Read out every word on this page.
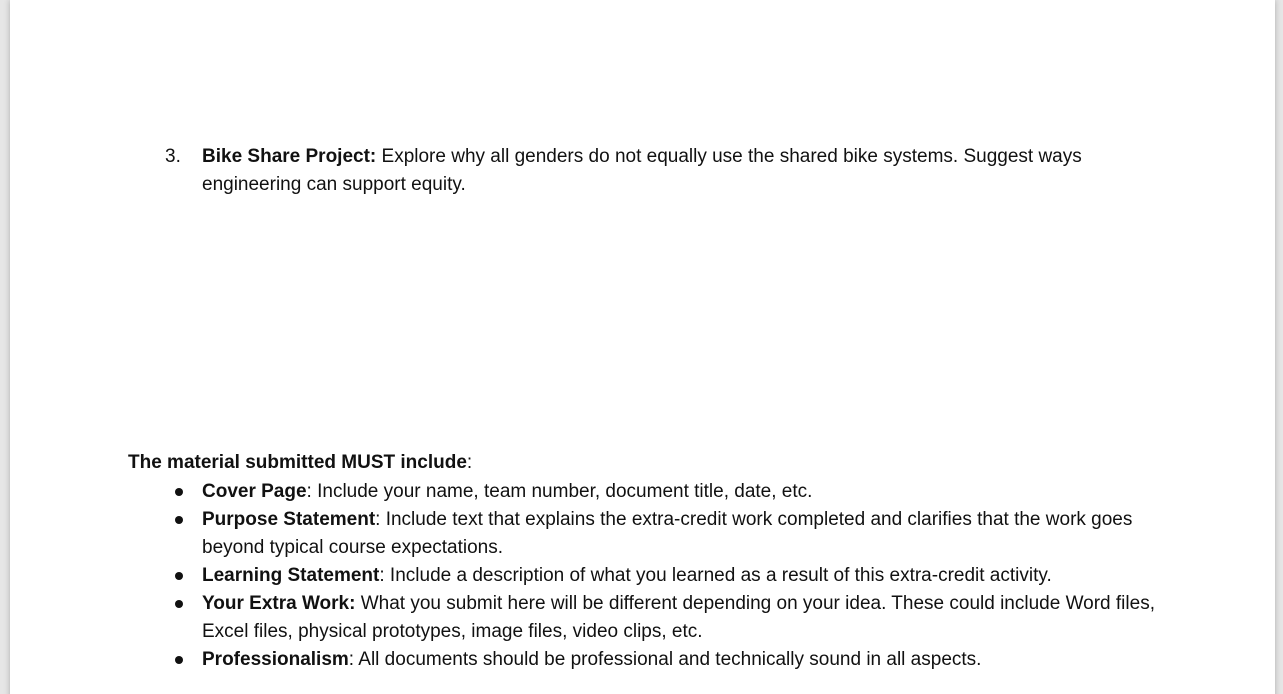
3. Bike Share Project: Explore why all genders do not equally use the shared bike systems. Suggest ways engineering can support equity.
The material submitted MUST include:
Cover Page: Include your name, team number, document title, date, etc.
Purpose Statement: Include text that explains the extra-credit work completed and clarifies that the work goes beyond typical course expectations.
Learning Statement: Include a description of what you learned as a result of this extra-credit activity.
Your Extra Work: What you submit here will be different depending on your idea. These could include Word files, Excel files, physical prototypes, image files, video clips, etc.
Professionalism: All documents should be professional and technically sound in all aspects.
